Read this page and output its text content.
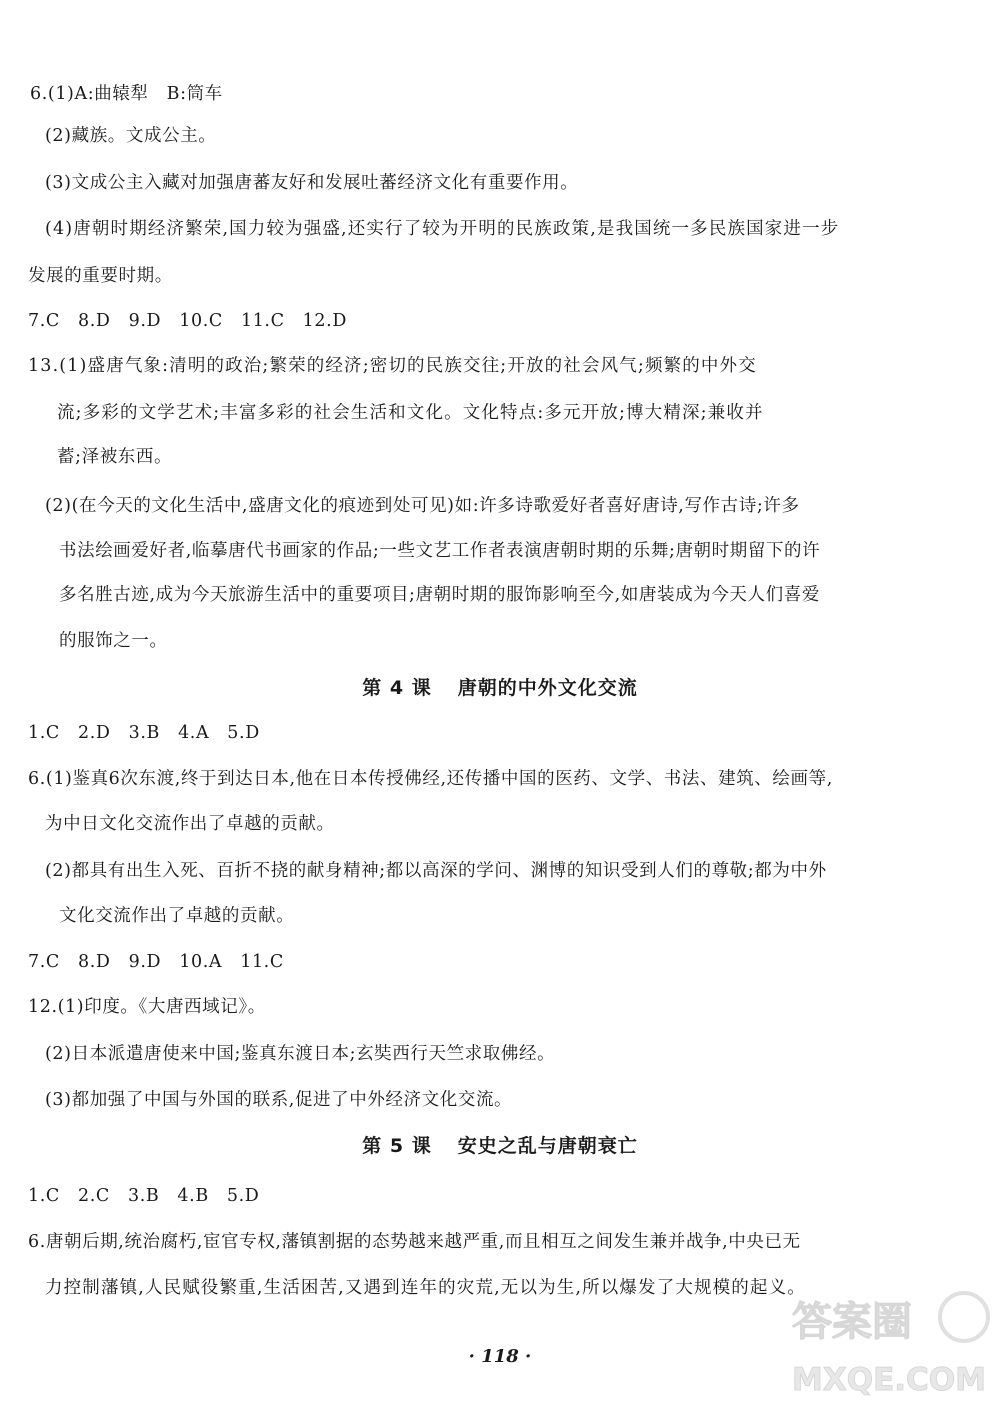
6.(1)A:曲辕犁　B:筒车
(2)藏族。文成公主。
(3)文成公主入藏对加强唐蕃友好和发展吐蕃经济文化有重要作用。
(4)唐朝时期经济繁荣,国力较为强盛,还实行了较为开明的民族政策,是我国统一多民族国家进一步
发展的重要时期。
7.C　8.D　9.D　10.C　11.C　12.D
13.(1)盛唐气象:清明的政治;繁荣的经济;密切的民族交往;开放的社会风气;频繁的中外交
流;多彩的文学艺术;丰富多彩的社会生活和文化。文化特点:多元开放;博大精深;兼收并
蓄;泽被东西。
(2)(在今天的文化生活中,盛唐文化的痕迹到处可见)如:许多诗歌爱好者喜好唐诗,写作古诗;许多
书法绘画爱好者,临摹唐代书画家的作品;一些文艺工作者表演唐朝时期的乐舞;唐朝时期留下的许
多名胜古迹,成为今天旅游生活中的重要项目;唐朝时期的服饰影响至今,如唐装成为今天人们喜爱
的服饰之一。
第 4 课 唐朝的中外文化交流
1.C　2.D　3.B　4.A　5.D
6.(1)鉴真6次东渡,终于到达日本,他在日本传授佛经,还传播中国的医药、文学、书法、建筑、绘画等,
为中日文化交流作出了卓越的贡献。
(2)都具有出生入死、百折不挠的献身精神;都以高深的学问、渊博的知识受到人们的尊敬;都为中外
文化交流作出了卓越的贡献。
7.C　8.D　9.D　10.A　11.C
12.(1)印度。《大唐西域记》。
(2)日本派遣唐使来中国;鉴真东渡日本;玄奘西行天竺求取佛经。
(3)都加强了中国与外国的联系,促进了中外经济文化交流。
第 5 课 安史之乱与唐朝衰亡
1.C　2.C　3.B　4.B　5.D
6.唐朝后期,统治腐朽,宦官专权,藩镇割据的态势越来越严重,而且相互之间发生兼并战争,中央已无
力控制藩镇,人民赋役繁重,生活困苦,又遇到连年的灾荒,无以为生,所以爆发了大规模的起义。
· 118 ·
答案圈
MXQE.COM
